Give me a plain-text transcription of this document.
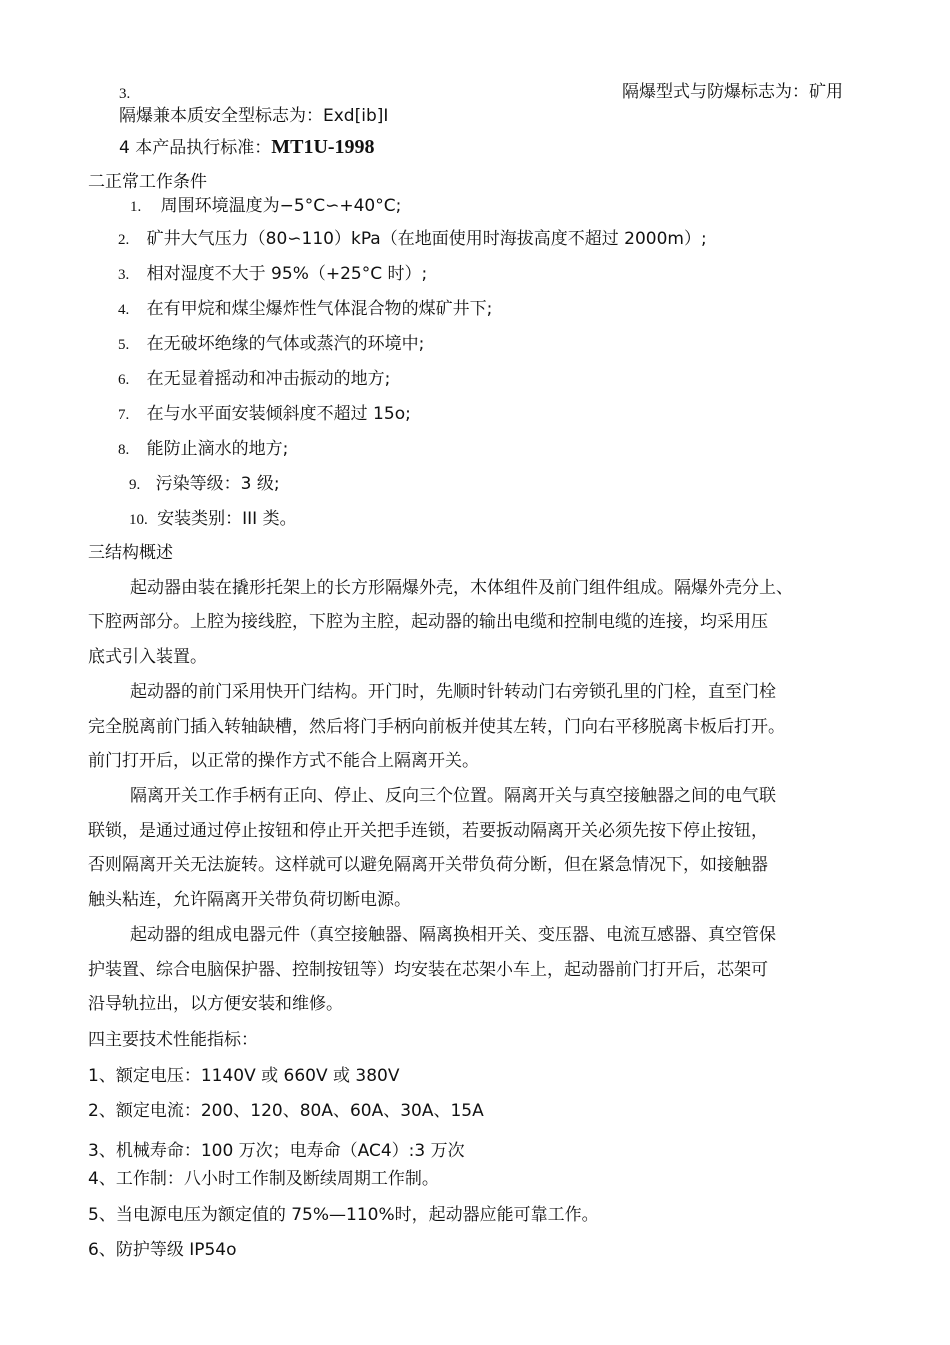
3.	隔爆型式与防爆标志为：矿用
隔爆兼本质安全型标志为：Exd[ib]I
4 本产品执行标准：MT1U-1998
二正常工作条件
1. 周围环境温度为−5°C∽+40°C;
2. 矿井大气压力（80∽110）kPa（在地面使用时海拔高度不超过 2000m）;
3. 相对湿度不大于 95%（+25°C 时）;
4. 在有甲烷和煤尘爆炸性气体混合物的煤矿井下;
5. 在无破坏绝缘的气体或蒸汽的环境中;
6. 在无显着摇动和冲击振动的地方;
7. 在与水平面安装倾斜度不超过 15o;
8. 能防止滴水的地方;
9. 污染等级：3 级;
10. 安装类别：III 类。
三结构概述
起动器由装在撬形托架上的长方形隔爆外壳，木体组件及前门组件组成。隔爆外壳分上、
下腔两部分。上腔为接线腔，下腔为主腔，起动器的输出电缆和控制电缆的连接，均采用压
底式引入装置。
起动器的前门采用快开门结构。开门时，先顺时针转动门右旁锁孔里的门栓，直至门栓
完全脱离前门插入转轴缺槽，然后将门手柄向前板并使其左转，门向右平移脱离卡板后打开。
前门打开后，以正常的操作方式不能合上隔离开关。
隔离开关工作手柄有正向、停止、反向三个位置。隔离开关与真空接触器之间的电气联
联锁，是通过通过停止按钮和停止开关把手连锁，若要扳动隔离开关必须先按下停止按钮，
否则隔离开关无法旋转。这样就可以避免隔离开关带负荷分断，但在紧急情况下，如接触器
触头粘连，允许隔离开关带负荷切断电源。
起动器的组成电器元件（真空接触器、隔离换相开关、变压器、电流互感器、真空管保
护装置、综合电脑保护器、控制按钮等）均安装在芯架小车上，起动器前门打开后，芯架可
沿导轨拉出，以方便安装和维修。
四主要技术性能指标：
1、额定电压：1140V 或 660V 或 380V
2、额定电流：200、120、80A、60A、30A、15A
3、机械寿命：100 万次；电寿命（AC4）:3 万次
4、工作制：八小时工作制及断续周期工作制。
5、当电源电压为额定值的 75%—110%时，起动器应能可靠工作。
6、防护等级 IP54o
